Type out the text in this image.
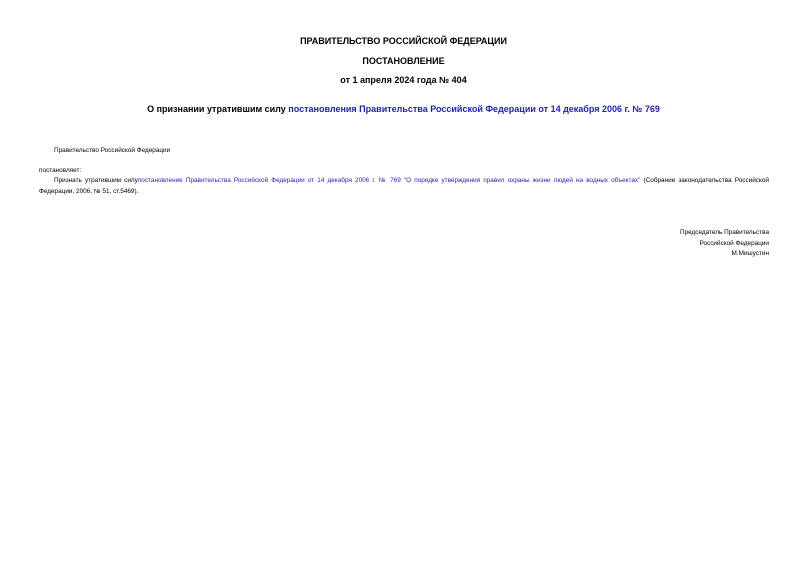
ПРАВИТЕЛЬСТВО РОССИЙСКОЙ ФЕДЕРАЦИИ
ПОСТАНОВЛЕНИЕ
от 1 апреля 2024 года № 404
О признании утратившим силу постановления Правительства Российской Федерации от 14 декабря 2006 г. № 769
Правительство Российской Федерации
постановляет:
Признать утратившим силупостановление Правительства Российской Федерации от 14 декабря 2006 г. № 769 "О порядке утверждения правил охраны жизни людей на водных объектах" (Собрание законодательства Российской Федерации, 2006, № 51, ст.5469).
Председатель Правительства
Российской Федерации
М.Мишустин
